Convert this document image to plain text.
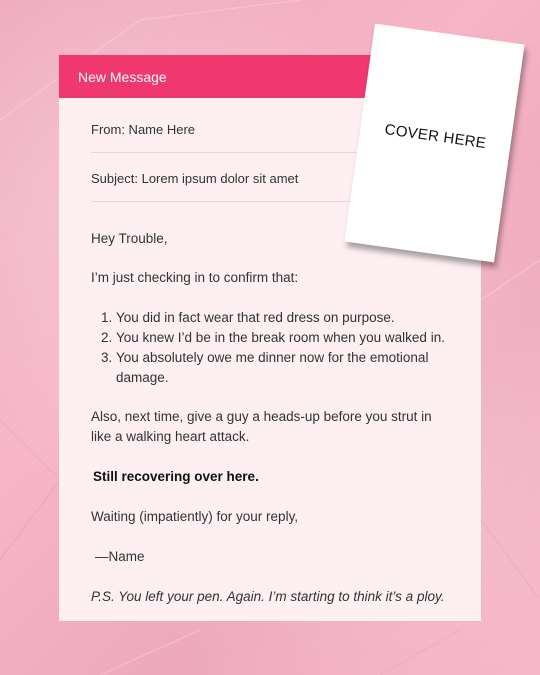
New Message
From: Name Here
Subject: Lorem ipsum dolor sit amet

Hey Trouble,

I’m just checking in to confirm that:

1. You did in fact wear that red dress on purpose.
2. You knew I’d be in the break room when you walked in.
3. You absolutely owe me dinner now for the emotional damage.

Also, next time, give a guy a heads-up before you strut in like a walking heart attack.

Still recovering over here.

Waiting (impatiently) for your reply,

—Name

P.S. You left your pen. Again. I’m starting to think it’s a ploy.

COVER HERE
